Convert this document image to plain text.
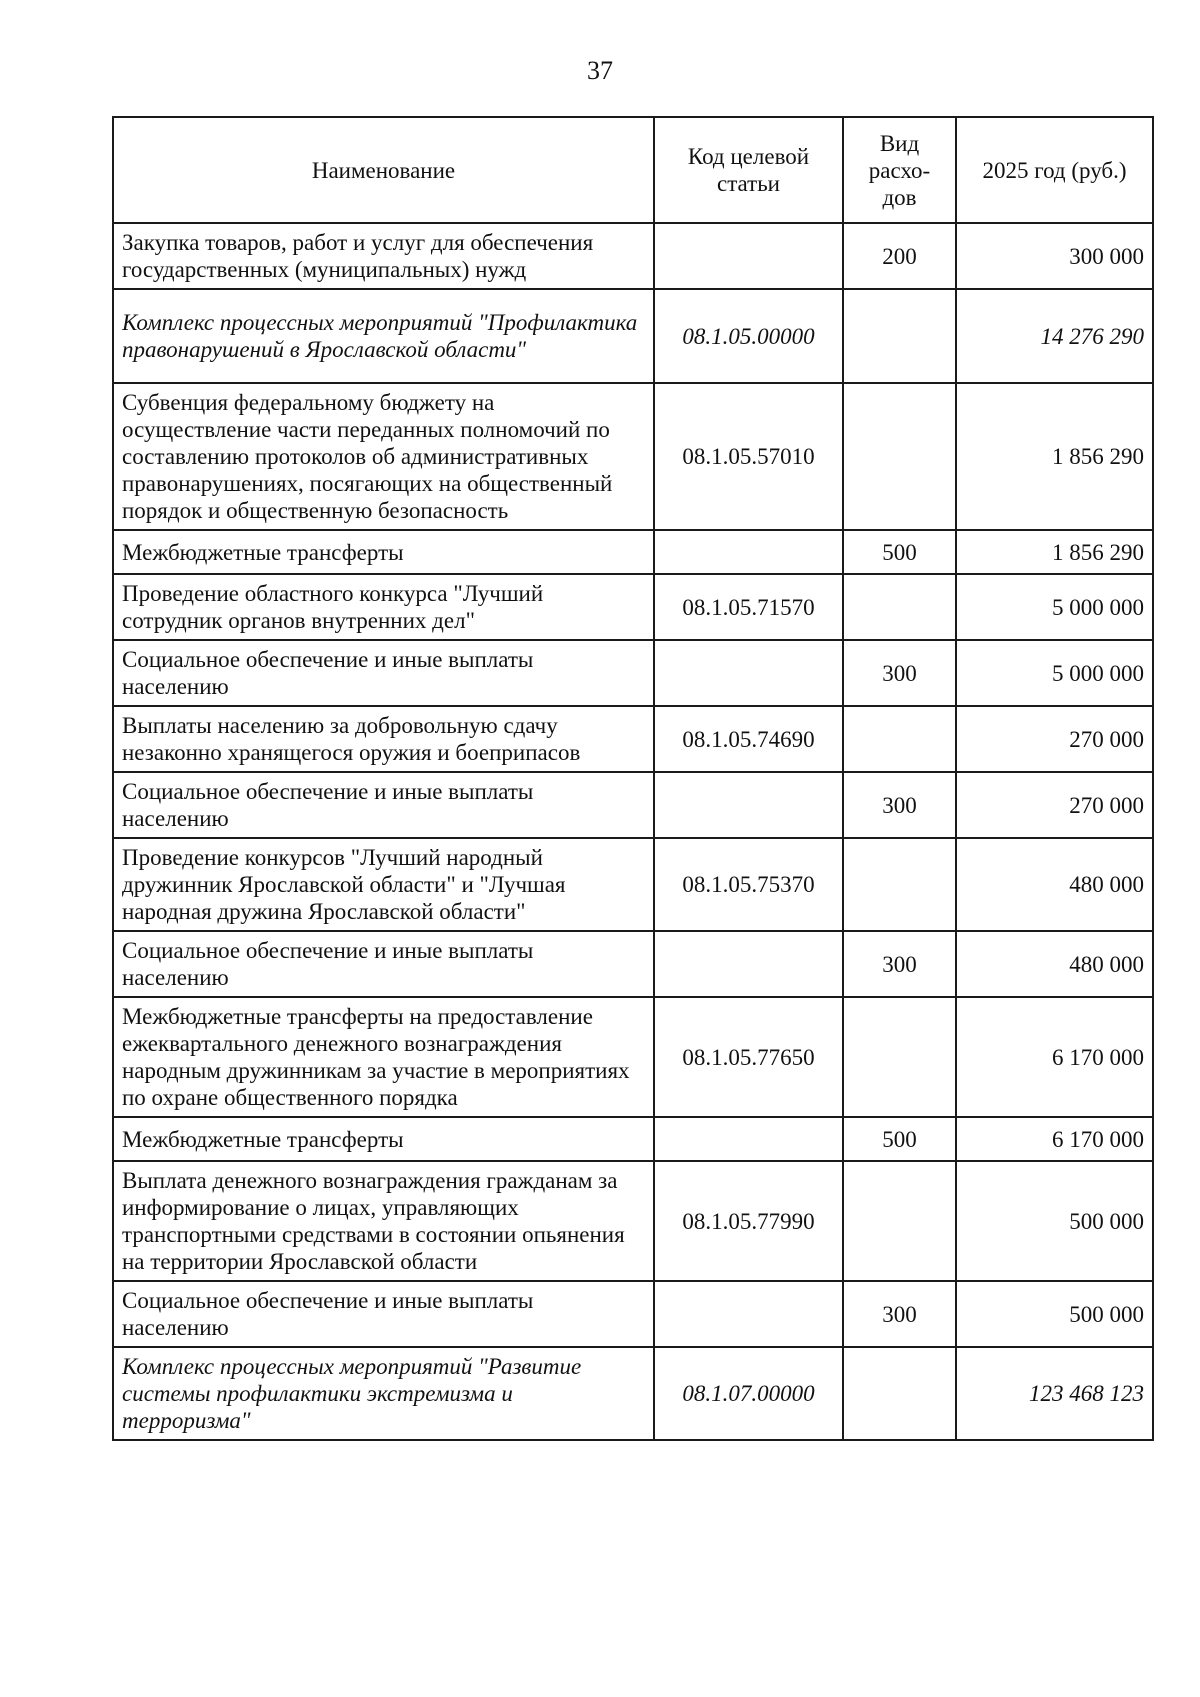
37
Наименование	Код целевой статьи	Вид расхо- дов	2025 год (руб.)
Закупка товаров, работ и услуг для обеспечения государственных (муниципальных) нужд		200	300 000
Комплекс процессных мероприятий "Профилактика правонарушений в Ярославской области"	08.1.05.00000		14 276 290
Субвенция федеральному бюджету на осуществление части переданных полномочий по составлению протоколов об административных правонарушениях, посягающих на общественный порядок и общественную безопасность	08.1.05.57010		1 856 290
Межбюджетные трансферты		500	1 856 290
Проведение областного конкурса "Лучший сотрудник органов внутренних дел"	08.1.05.71570		5 000 000
Социальное обеспечение и иные выплаты населению		300	5 000 000
Выплаты населению за добровольную сдачу незаконно хранящегося оружия и боеприпасов	08.1.05.74690		270 000
Социальное обеспечение и иные выплаты населению		300	270 000
Проведение конкурсов "Лучший народный дружинник Ярославской области" и "Лучшая народная дружина Ярославской области"	08.1.05.75370		480 000
Социальное обеспечение и иные выплаты населению		300	480 000
Межбюджетные трансферты на предоставление ежеквартального денежного вознаграждения народным дружинникам за участие в мероприятиях по охране общественного порядка	08.1.05.77650		6 170 000
Межбюджетные трансферты		500	6 170 000
Выплата денежного вознаграждения гражданам за информирование о лицах, управляющих транспортными средствами в состоянии опьянения на территории Ярославской области	08.1.05.77990		500 000
Социальное обеспечение и иные выплаты населению		300	500 000
Комплекс процессных мероприятий "Развитие системы профилактики экстремизма и терроризма"	08.1.07.00000		123 468 123
